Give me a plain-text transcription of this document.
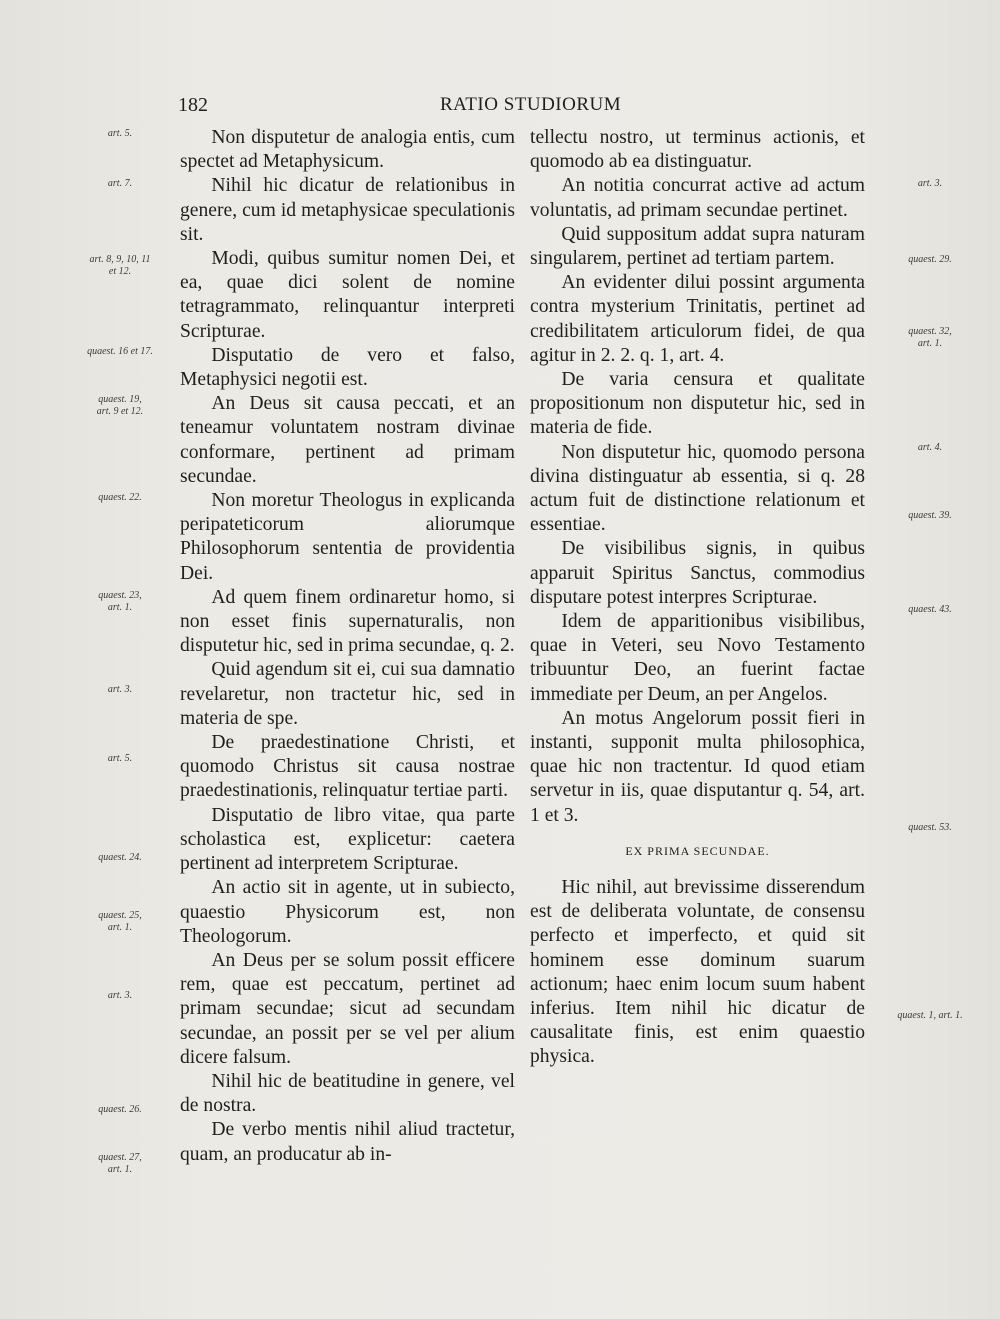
182	RATIO STUDIORUM
art. 5.
art. 7.
art. 8, 9, 10, 11
et 12.
quaest. 16 et 17.
quaest. 19,
art. 9 et 12.
quaest. 22.
quaest. 23,
art. 1.
art. 3.
art. 5.
quaest. 24.
quaest. 25,
art. 1.
art. 3.
quaest. 26.
quaest. 27,
art. 1.

Non disputetur de analogia entis, cum spectet ad Metaphysicum.

Nihil hic dicatur de relationibus in genere, cum id metaphysicae speculationis sit.

Modi, quibus sumitur nomen Dei, et ea, quae dici solent de nomine tetragrammato, relinquantur interpreti Scripturae.

Disputatio de vero et falso, Metaphysici negotii est.

An Deus sit causa peccati, et an teneamur voluntatem nostram divinae conformare, pertinent ad primam secundae.

Non moretur Theologus in explicanda peripateticorum aliorumque Philosophorum sententia de providentia Dei.

Ad quem finem ordinaretur homo, si non esset finis supernaturalis, non disputetur hic, sed in prima secundae, q. 2.

Quid agendum sit ei, cui sua damnatio revelaretur, non tractetur hic, sed in materia de spe.

De praedestinatione Christi, et quomodo Christus sit causa nostrae praedestinationis, relinquatur tertiae parti.

Disputatio de libro vitae, qua parte scholastica est, explicetur: caetera pertinent ad interpretem Scripturae.

An actio sit in agente, ut in subiecto, quaestio Physicorum est, non Theologorum.

An Deus per se solum possit efficere rem, quae est peccatum, pertinet ad primam secundae; sicut ad secundam secundae, an possit per se vel per alium dicere falsum.

Nihil hic de beatitudine in genere, vel de nostra.

De verbo mentis nihil aliud tractetur, quam, an producatur ab in-

tellectu nostro, ut terminus actionis, et quomodo ab ea distinguatur.

An notitia concurrat active ad actum voluntatis, ad primam secundae pertinet.

Quid suppositum addat supra naturam singularem, pertinet ad tertiam partem.

An evidenter dilui possint argumenta contra mysterium Trinitatis, pertinet ad credibilitatem articulorum fidei, de qua agitur in 2. 2. q. 1, art. 4.

De varia censura et qualitate propositionum non disputetur hic, sed in materia de fide.

Non disputetur hic, quomodo persona divina distinguatur ab essentia, si q. 28 actum fuit de distinctione relationum et essentiae.

De visibilibus signis, in quibus apparuit Spiritus Sanctus, commodius disputare potest interpres Scripturae.

Idem de apparitionibus visibilibus, quae in Veteri, seu Novo Testamento tribuuntur Deo, an fuerint factae immediate per Deum, an per Angelos.

An motus Angelorum possit fieri in instanti, supponit multa philosophica, quae hic non tractentur. Id quod etiam servetur in iis, quae disputantur q. 54, art. 1 et 3.

EX PRIMA SECUNDAE.

Hic nihil, aut brevissime disserendum est de deliberata voluntate, de consensu perfecto et imperfecto, et quid sit hominem esse dominum suarum actionum; haec enim locum suum habent inferius. Item nihil hic dicatur de causalitate finis, est enim quaestio physica.

art. 3.
quaest. 29.
quaest. 32,
art. 1.
art. 4.
quaest. 39.
quaest. 43.
quaest. 53.
quaest. 1, art. 1.
